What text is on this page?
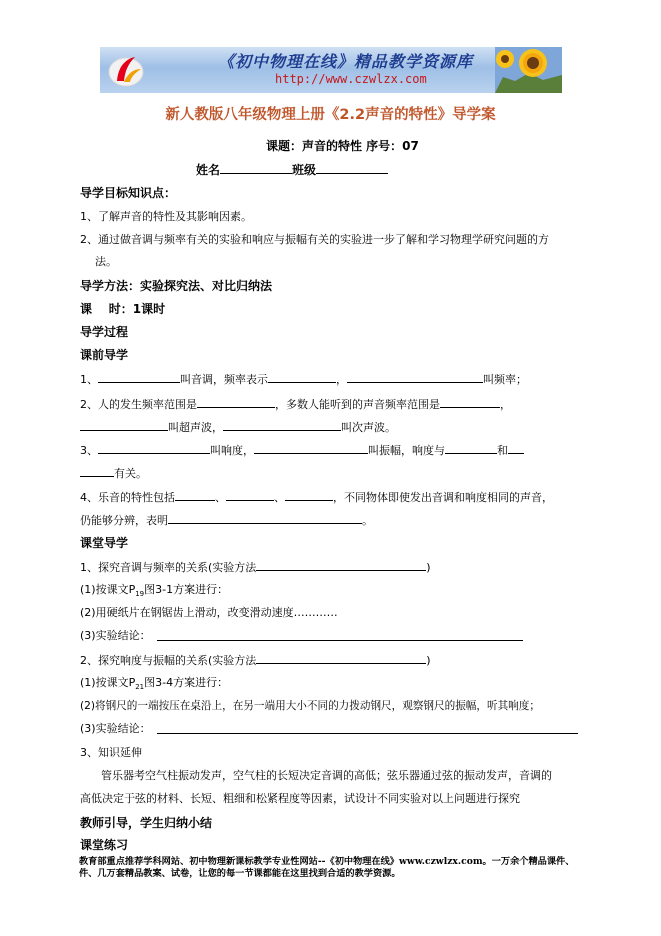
《初中物理在线》精品教学资源库
http://www.czwlzx.com
新人教版八年级物理上册《2.2声音的特性》导学案
课题：声音的特性 序号：07
姓名	班级
导学目标知识点：
1、了解声音的特性及其影响因素。
2、通过做音调与频率有关的实验和响应与振幅有关的实验进一步了解和学习物理学研究问题的方
法。
导学方法：实验探究法、对比归纳法
课    时：1课时
导学过程
课前导学
1、	叫音调，频率表示	，	叫频率；
2、人的发生频率范围是	，多数人能听到的声音频率范围是	，
叫超声波，	叫次声波。
3、	叫响度，	叫振幅，响度与	和
有关。
4、乐音的特性包括	、	、	，不同物体即使发出音调和响度相同的声音，
仍能够分辨，表明	。
课堂导学
1、探究音调与频率的关系(实验方法	)
(1)按课文$P_{19}$图3-1方案进行：
(2)用硬纸片在钢锯齿上滑动，改变滑动速度…………
(3)实验结论：
2、探究响度与振幅的关系(实验方法	)
(1)按课文$P_{21}$图3-4方案进行：
(2)将钢尺的一端按压在桌沿上，在另一端用大小不同的力拨动钢尺，观察钢尺的振幅，听其响度；
(3)实验结论：
3、知识延伸
管乐器考空气柱振动发声，空气柱的长短决定音调的高低；弦乐器通过弦的振动发声，音调的
高低决定于弦的材料、长短、粗细和松紧程度等因素，试设计不同实验对以上问题进行探究
教师引导，学生归纳小结
课堂练习
教育部重点推荐学科网站、初中物理新课标教学专业性网站--《初中物理在线》www.czwlzx.com。一万余个精品课件、
件、几万套精品教案、试卷，让您的每一节课都能在这里找到合适的教学资源。
